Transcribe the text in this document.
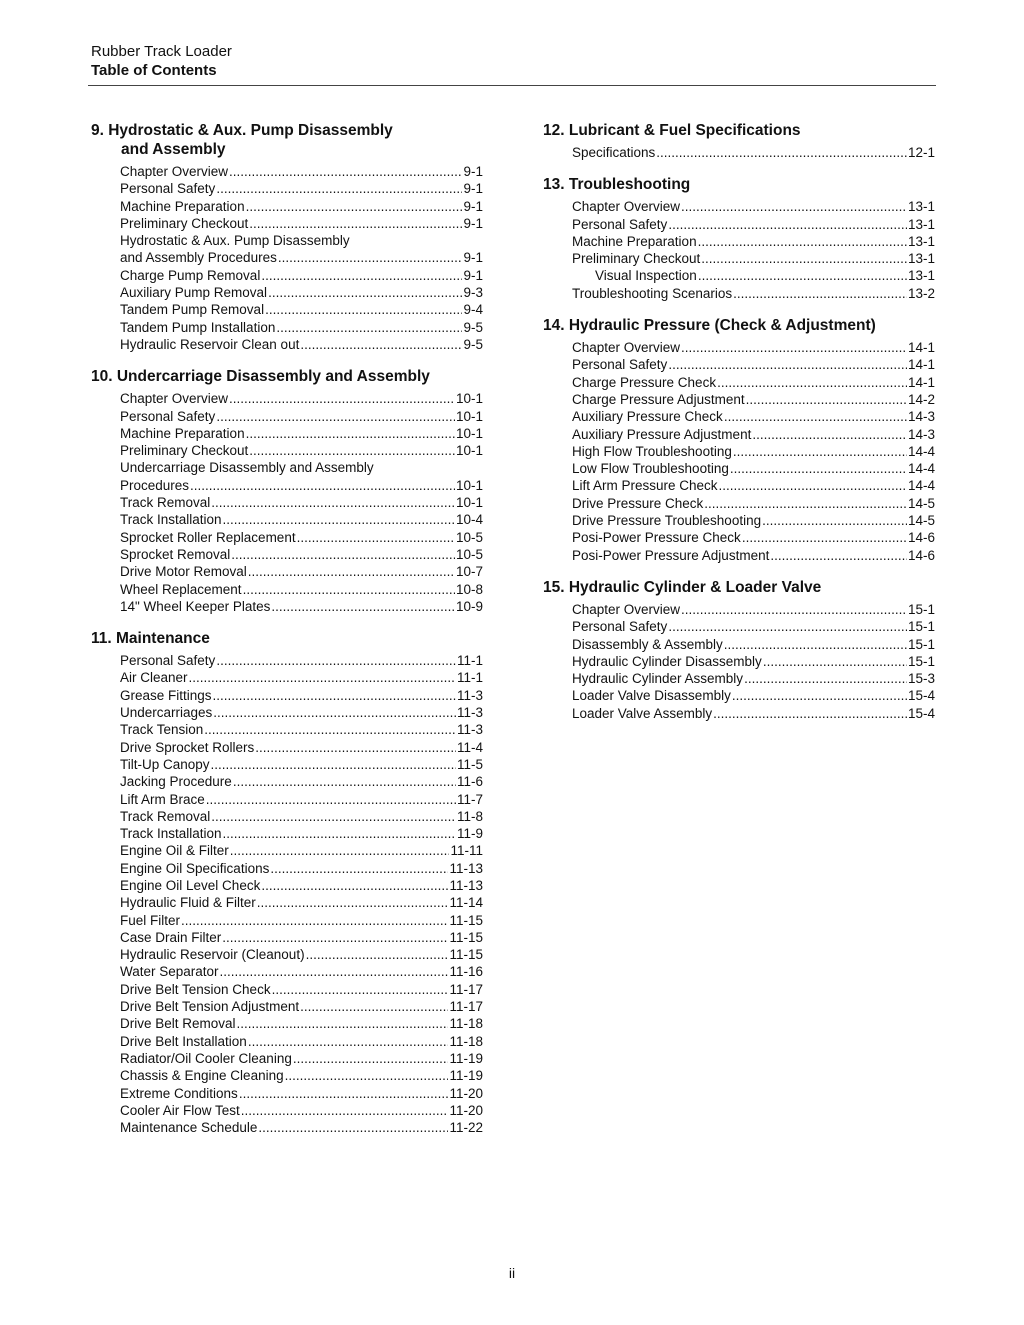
Rubber Track Loader
Table of Contents
9. Hydrostatic & Aux. Pump Disassembly
and Assembly
Chapter Overview .....	9-1
Personal Safety .....	9-1
Machine Preparation .....	9-1
Preliminary Checkout .....	9-1
Hydrostatic & Aux. Pump Disassembly
and Assembly Procedures .....	9-1
Charge Pump Removal .....	9-1
Auxiliary Pump Removal .....	9-3
Tandem Pump Removal .....	9-4
Tandem Pump Installation .....	9-5
Hydraulic Reservoir Clean out .....	9-5
10. Undercarriage Disassembly and Assembly
Chapter Overview .....	10-1
Personal Safety .....	10-1
Machine Preparation .....	10-1
Preliminary Checkout .....	10-1
Undercarriage Disassembly and Assembly
Procedures .....	10-1
Track Removal .....	10-1
Track Installation .....	10-4
Sprocket Roller Replacement .....	10-5
Sprocket Removal .....	10-5
Drive Motor Removal .....	10-7
Wheel Replacement .....	10-8
14" Wheel Keeper Plates .....	10-9
11. Maintenance
Personal Safety .....	11-1
Air Cleaner .....	11-1
Grease Fittings .....	11-3
Undercarriages .....	11-3
Track Tension .....	11-3
Drive Sprocket Rollers .....	11-4
Tilt-Up Canopy .....	11-5
Jacking Procedure .....	11-6
Lift Arm Brace .....	11-7
Track Removal .....	11-8
Track Installation .....	11-9
Engine Oil & Filter .....	11-11
Engine Oil Specifications .....	11-13
Engine Oil Level Check .....	11-13
Hydraulic Fluid & Filter .....	11-14
Fuel Filter .....	11-15
Case Drain Filter .....	11-15
Hydraulic Reservoir (Cleanout) .....	11-15
Water Separator .....	11-16
Drive Belt Tension Check .....	11-17
Drive Belt Tension Adjustment .....	11-17
Drive Belt Removal .....	11-18
Drive Belt Installation .....	11-18
Radiator/Oil Cooler Cleaning .....	11-19
Chassis & Engine Cleaning .....	11-19
Extreme Conditions .....	11-20
Cooler Air Flow Test .....	11-20
Maintenance Schedule .....	11-22
12. Lubricant & Fuel Specifications
Specifications .....	12-1
13. Troubleshooting
Chapter Overview .....	13-1
Personal Safety .....	13-1
Machine Preparation .....	13-1
Preliminary Checkout .....	13-1
Visual Inspection .....	13-1
Troubleshooting Scenarios .....	13-2
14. Hydraulic Pressure (Check & Adjustment)
Chapter Overview .....	14-1
Personal Safety .....	14-1
Charge Pressure Check .....	14-1
Charge Pressure Adjustment .....	14-2
Auxiliary Pressure Check .....	14-3
Auxiliary Pressure Adjustment .....	14-3
High Flow Troubleshooting .....	14-4
Low Flow Troubleshooting .....	14-4
Lift Arm Pressure Check .....	14-4
Drive Pressure Check .....	14-5
Drive Pressure Troubleshooting .....	14-5
Posi-Power Pressure Check .....	14-6
Posi-Power Pressure Adjustment .....	14-6
15. Hydraulic Cylinder & Loader Valve
Chapter Overview .....	15-1
Personal Safety .....	15-1
Disassembly & Assembly .....	15-1
Hydraulic Cylinder Disassembly .....	15-1
Hydraulic Cylinder Assembly .....	15-3
Loader Valve Disassembly .....	15-4
Loader Valve Assembly .....	15-4
ii
